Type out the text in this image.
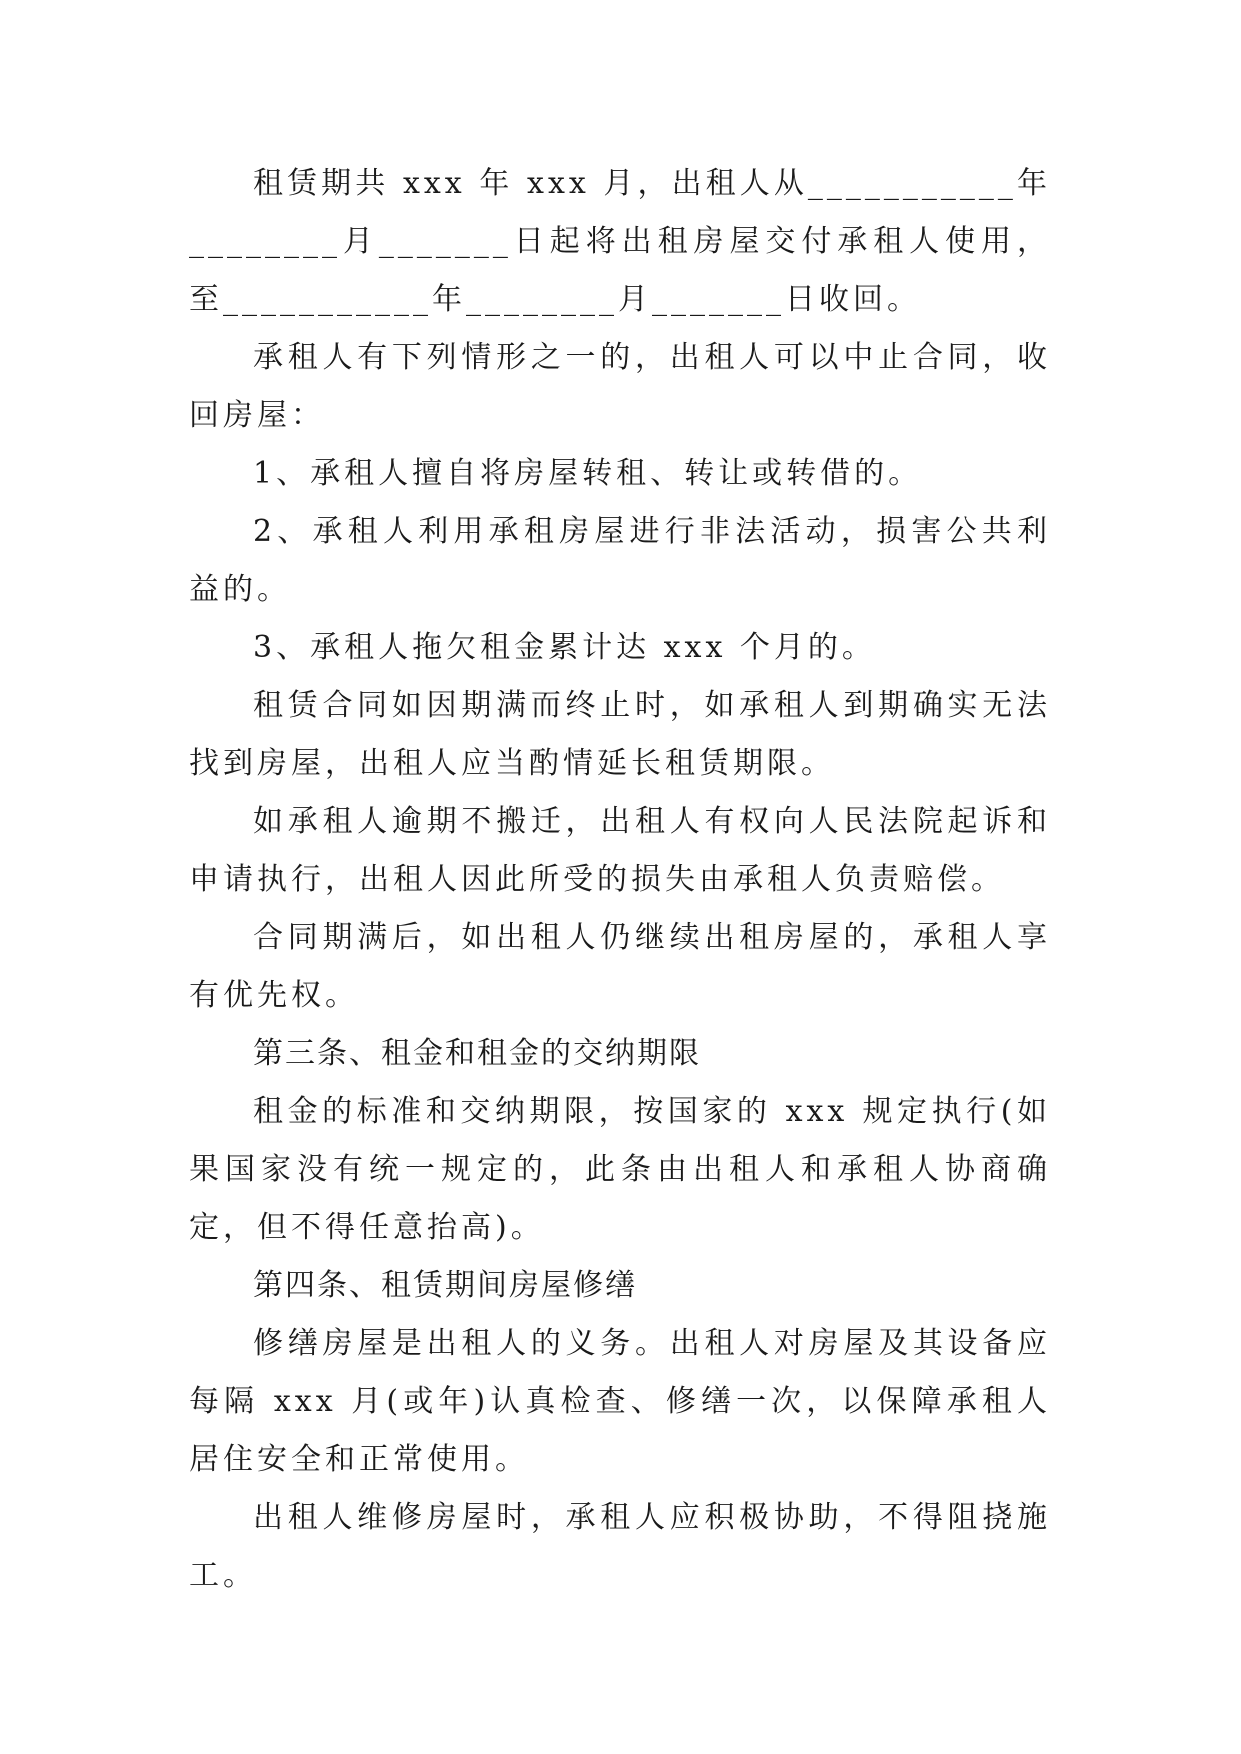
租赁期共 xxx 年 xxx 月，出租人从___________年________月_______日起将出租房屋交付承租人使用，至___________年________月_______日收回。

承租人有下列情形之一的，出租人可以中止合同，收回房屋：

1、承租人擅自将房屋转租、转让或转借的。

2、承租人利用承租房屋进行非法活动，损害公共利益的。

3、承租人拖欠租金累计达 xxx 个月的。

租赁合同如因期满而终止时，如承租人到期确实无法找到房屋，出租人应当酌情延长租赁期限。

如承租人逾期不搬迁，出租人有权向人民法院起诉和申请执行，出租人因此所受的损失由承租人负责赔偿。

合同期满后，如出租人仍继续出租房屋的，承租人享有优先权。

第三条、租金和租金的交纳期限

租金的标准和交纳期限，按国家的 xxx 规定执行(如果国家没有统一规定的，此条由出租人和承租人协商确定，但不得任意抬高)。

第四条、租赁期间房屋修缮

修缮房屋是出租人的义务。出租人对房屋及其设备应每隔 xxx 月(或年)认真检查、修缮一次，以保障承租人居住安全和正常使用。

出租人维修房屋时，承租人应积极协助，不得阻挠施工。
